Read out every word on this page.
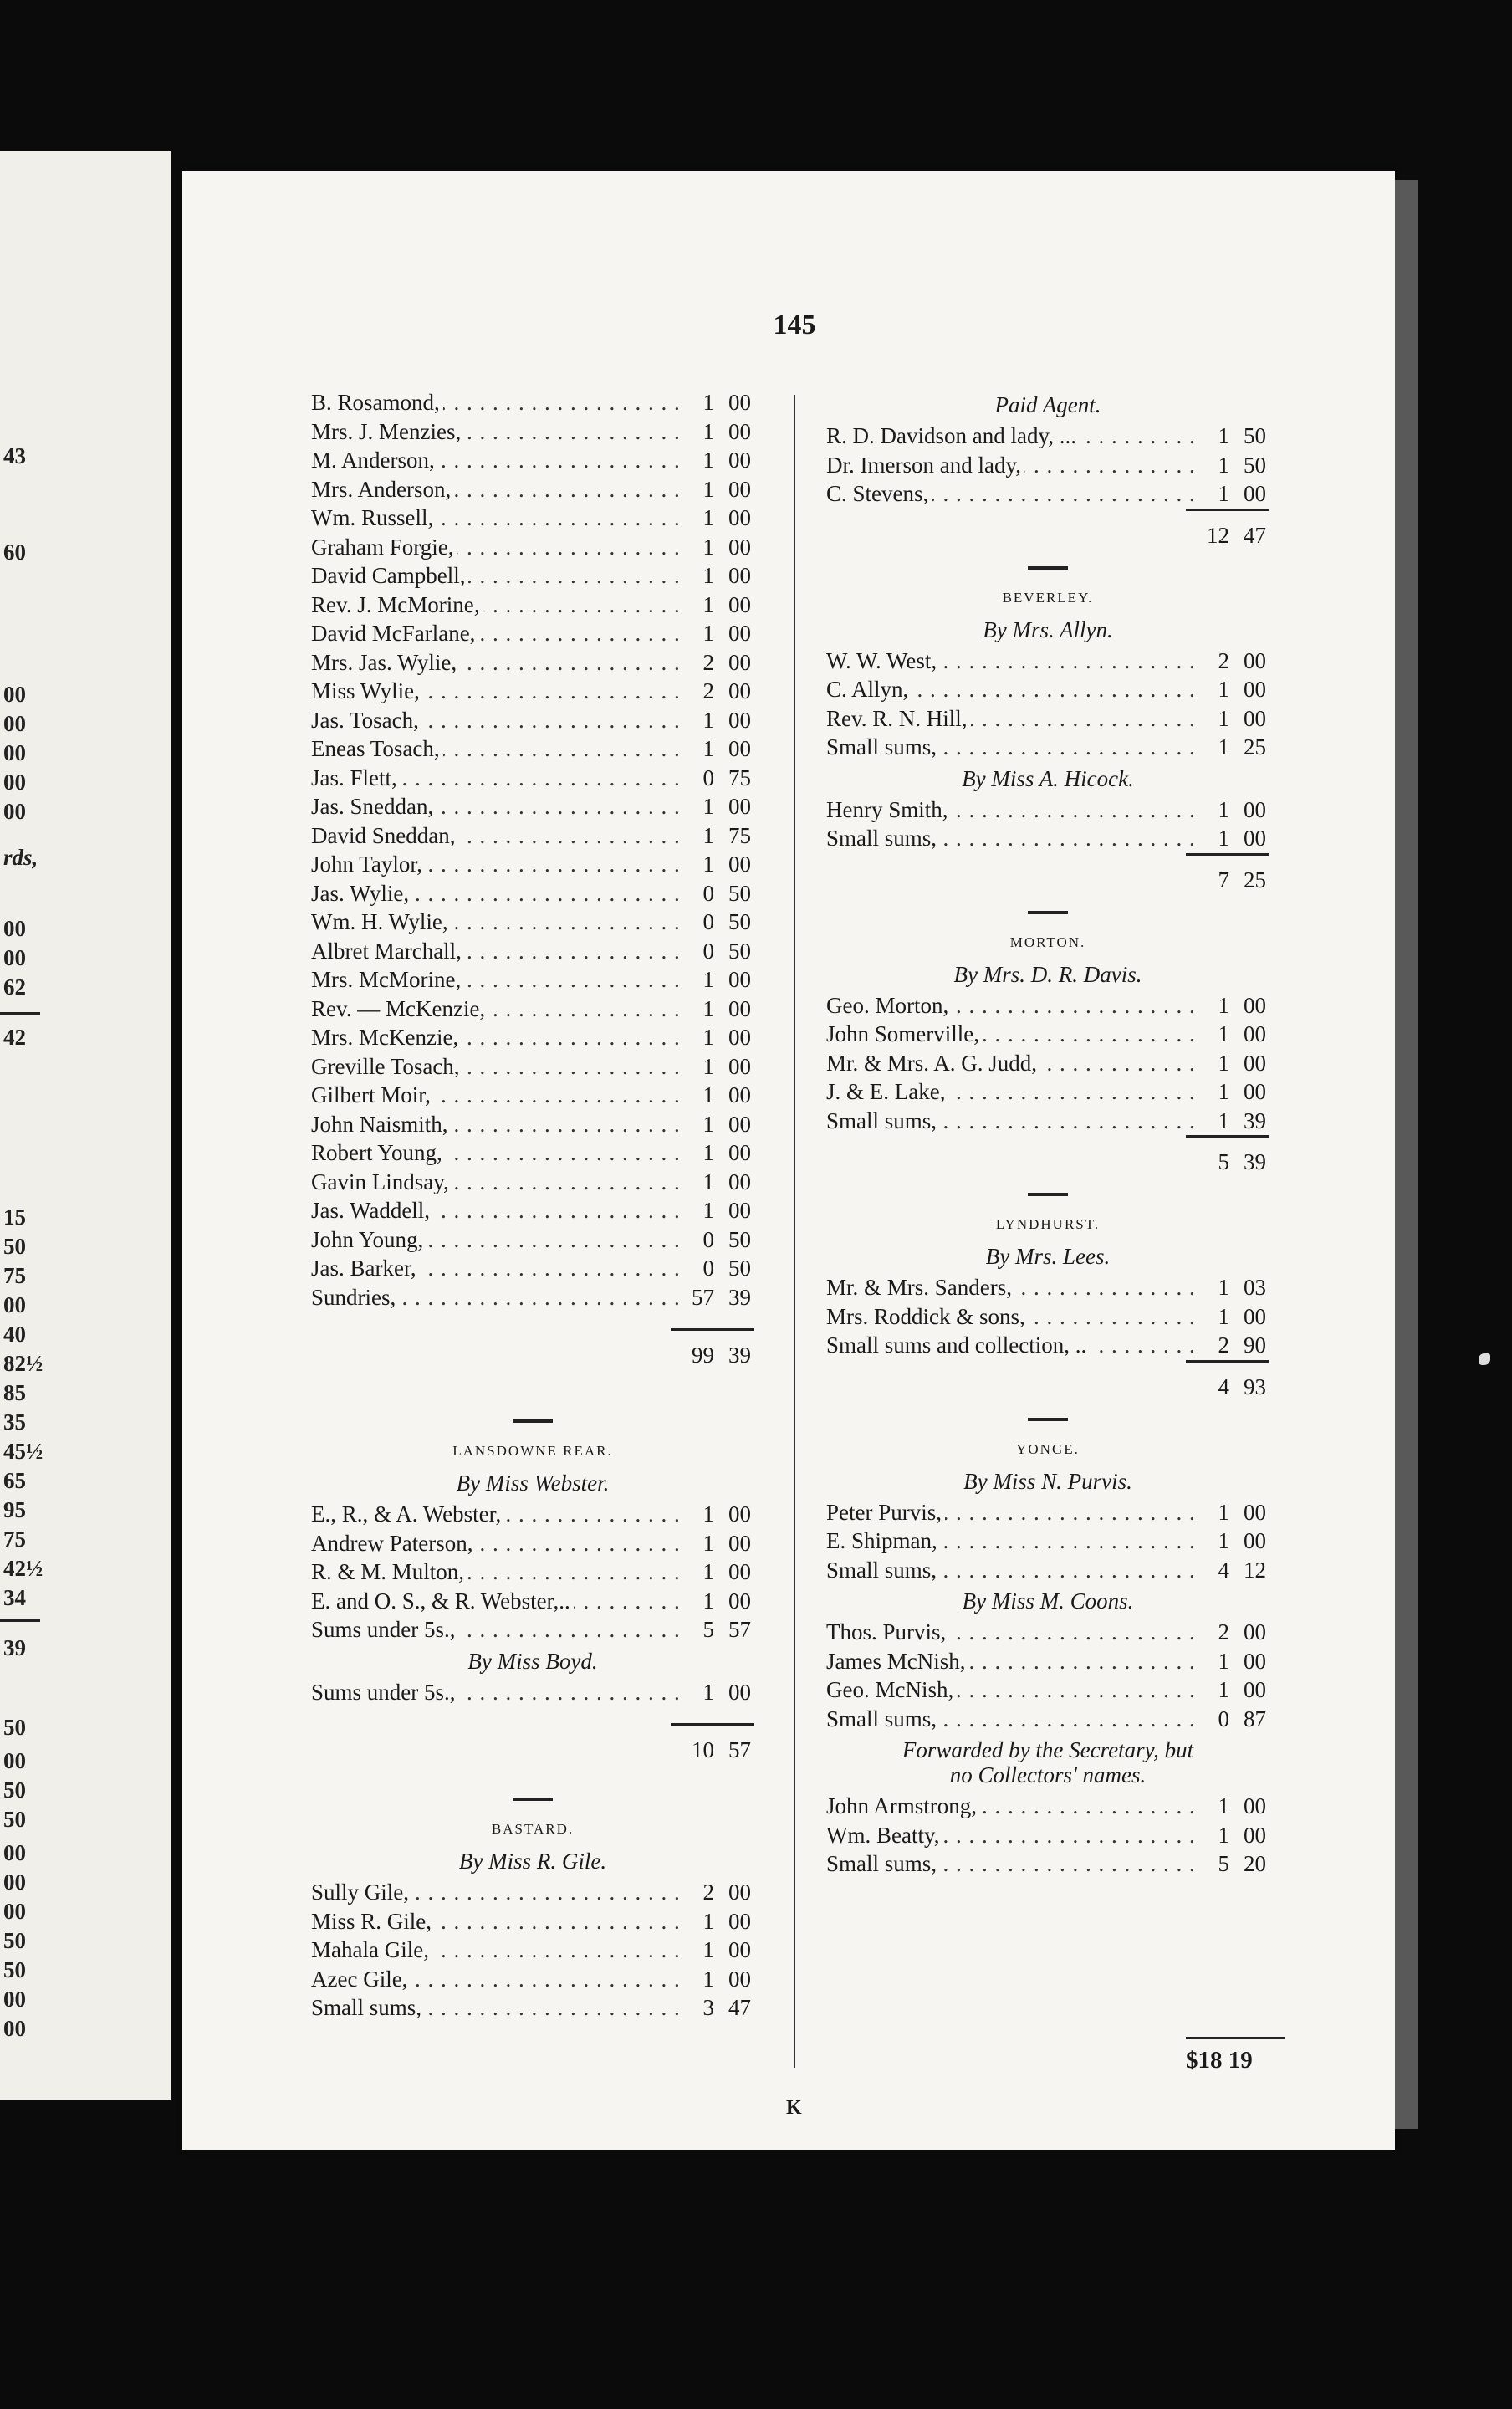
43
60
00
00
00
00
00
00
00
62
42
15
50
75
00
40
82½
85
35
45½
65
95
75
42½
34
39
50
00
50
50
00
00
00
50
50
00
00
rds,
145
. . .
B. Rosamond,	1 00
. . .
Mrs. J. Menzies,	1 00
. . .
M. Anderson,	1 00
. . .
Mrs. Anderson,	1 00
. . .
Wm. Russell,	1 00
. . .
Graham Forgie,	1 00
. . .
David Campbell,	1 00
. . .
Rev. J. McMorine,	1 00
. . .
David McFarlane,	1 00
. . .
Mrs. Jas. Wylie,	2 00
. . .
Miss Wylie,	2 00
. . .
Jas. Tosach,	1 00
. . .
Eneas Tosach,	1 00
. . .
Jas. Flett,	0 75
. . .
Jas. Sneddan,	1 00
. . .
David Sneddan,	1 75
. . .
John Taylor,	1 00
. . .
Jas. Wylie,	0 50
. . .
Wm. H. Wylie,	0 50
. . .
Albret Marchall,	0 50
. . .
Mrs. McMorine,	1 00
. . .
Rev. — McKenzie,	1 00
. . .
Mrs. McKenzie,	1 00
. . .
Greville Tosach,	1 00
. . .
Gilbert Moir,	1 00
. . .
John Naismith,	1 00
. . .
Robert Young,	1 00
. . .
Gavin Lindsay,	1 00
. . .
Jas. Waddell,	1 00
. . .
John Young,	0 50
. . .
Jas. Barker,	0 50
. . .
Sundries,	57 39
99 39
LANSDOWNE REAR.
By Miss Webster.
. . .
E., R., & A. Webster,	1 00
. . .
Andrew Paterson,	1 00
. . .
R. & M. Multon,	1 00
. . .
E. and O. S., & R. Webster,..	1 00
. . .
Sums under 5s.,	5 57
By Miss Boyd.
. . .
Sums under 5s.,	1 00
10 57
BASTARD.
By Miss R. Gile.
. . .
Sully Gile,	2 00
. . .
Miss R. Gile,	1 00
. . .
Mahala Gile,	1 00
. . .
Azec Gile,	1 00
. . .
Small sums,	3 47
Paid Agent.
. . .
R. D. Davidson and lady, ...	1 50
. . .
Dr. Imerson and lady,	1 50
. . .
C. Stevens,	1 00
12 47
BEVERLEY.
By Mrs. Allyn.
. . .
W. W. West,	2 00
. . .
C. Allyn,	1 00
. . .
Rev. R. N. Hill,	1 00
. . .
Small sums,	1 25
By Miss A. Hicock.
. . .
Henry Smith,	1 00
. . .
Small sums,	1 00
7 25
MORTON.
By Mrs. D. R. Davis.
. . .
Geo. Morton,	1 00
. . .
John Somerville,	1 00
. . .
Mr. & Mrs. A. G. Judd,	1 00
. . .
J. & E. Lake,	1 00
. . .
Small sums,	1 39
5 39
LYNDHURST.
By Mrs. Lees.
. . .
Mr. & Mrs. Sanders,	1 03
. . .
Mrs. Roddick & sons,	1 00
. . .
Small sums and collection, ..	2 90
4 93
YONGE.
By Miss N. Purvis.
. . .
Peter Purvis,	1 00
. . .
E. Shipman,	1 00
. . .
Small sums,	4 12
By Miss M. Coons.
. . .
Thos. Purvis,	2 00
. . .
James McNish,	1 00
. . .
Geo. McNish,	1 00
. . .
Small sums,	0 87
Forwarded by the Secretary, but
no Collectors' names.
. . .
John Armstrong,	1 00
. . .
Wm. Beatty,	1 00
. . .
Small sums,	5 20
$18 19
K
